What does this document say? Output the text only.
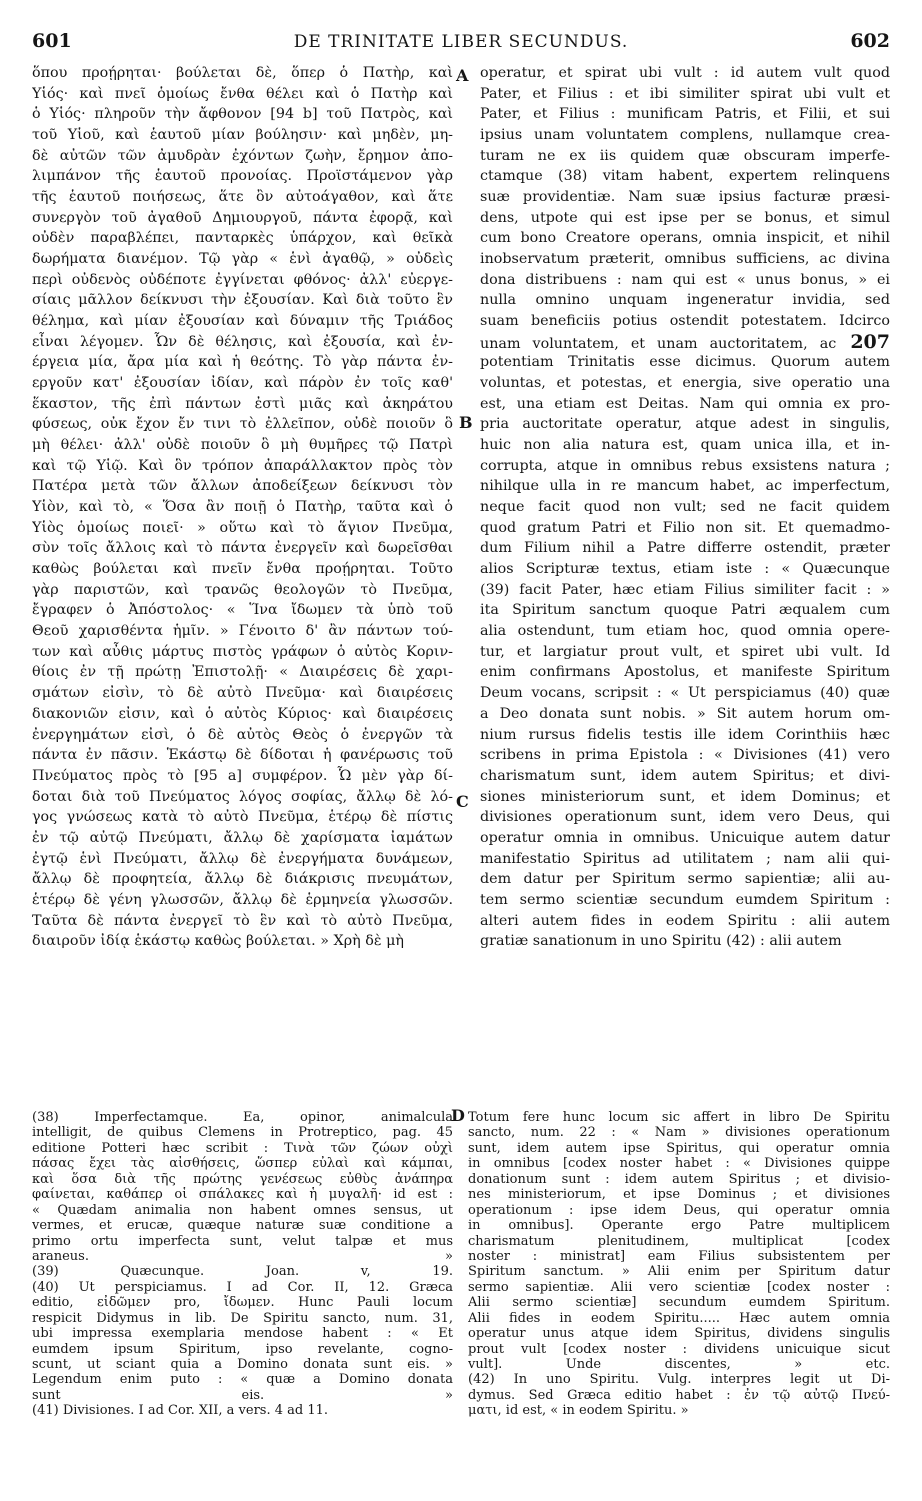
601	DE TRINITATE LIBER SECUNDUS.	602
A
B
C
D
ὅπου προῄρηται· βούλεται δὲ, ὅπερ ὁ Πατὴρ, καὶ
Υἱός· καὶ πνεῖ ὁμοίως ἔνθα θέλει καὶ ὁ Πατὴρ καὶ
ὁ Υἱός· πληροῦν τὴν ἄφθονον [94 b] τοῦ Πατρὸς, καὶ
τοῦ Υἱοῦ, καὶ ἑαυτοῦ μίαν βούλησιν· καὶ μηδὲν, μη-
δὲ αὐτῶν τῶν ἀμυδρὰν ἐχόντων ζωὴν, ἔρημον ἀπο-
λιμπάνον τῆς ἑαυτοῦ προνοίας. Προϊστάμενον γὰρ
τῆς ἑαυτοῦ ποιήσεως, ἅτε ὂν αὐτοάγαθον, καὶ ἅτε
συνεργὸν τοῦ ἀγαθοῦ Δημιουργοῦ, πάντα ἐφορᾷ, καὶ
οὐδὲν παραβλέπει, πανταρκὲς ὑπάρχον, καὶ θεῖκὰ
δωρήματα διανέμον. Τῷ γὰρ « ἑνὶ ἀγαθῷ, » οὐδεὶς
περὶ οὐδενὸς οὐδέποτε ἐγγίνεται φθόνος· ἀλλ' εὐεργε-
σίαις μᾶλλον δείκνυσι τὴν ἐξουσίαν. Καὶ διὰ τοῦτο ἓν
θέλημα, καὶ μίαν ἐξουσίαν καὶ δύναμιν τῆς Τριάδος
εἶναι λέγομεν. Ὧν δὲ θέλησις, καὶ ἐξουσία, καὶ ἐν-
έργεια μία, ἄρα μία καὶ ἡ θεότης. Τὸ γὰρ πάντα ἐν-
εργοῦν κατ' ἐξουσίαν ἰδίαν, καὶ πάρὸν ἐν τοῖς καθ'
ἕκαστον, τῆς ἐπὶ πάντων ἐστὶ μιᾶς καὶ ἀκηράτου
φύσεως, οὐκ ἔχον ἔν τινι τὸ ἐλλεῖπον, οὐδὲ ποιοῦν ὃ
μὴ θέλει· ἀλλ' οὐδὲ ποιοῦν ὃ μὴ θυμῆρες τῷ Πατρὶ
καὶ τῷ Υἱῷ. Καὶ ὃν τρόπον ἀπαράλλακτον πρὸς τὸν
Πατέρα μετὰ τῶν ἄλλων ἀποδείξεων δείκνυσι τὸν
Υἱὸν, καὶ τὸ, « Ὅσα ἂν ποιῇ ὁ Πατὴρ, ταῦτα καὶ ὁ
Υἱὸς ὁμοίως ποιεῖ· » οὕτω καὶ τὸ ἅγιον Πνεῦμα,
σὺν τοῖς ἄλλοις καὶ τὸ πάντα ἐνεργεῖν καὶ δωρεῖσθαι
καθὼς βούλεται καὶ πνεῖν ἔνθα προῄρηται. Τοῦτο
γὰρ παριστῶν, καὶ τρανῶς θεολογῶν τὸ Πνεῦμα,
ἔγραφεν ὁ Ἀπόστολος· « Ἵνα ἴδωμεν τὰ ὑπὸ τοῦ
Θεοῦ χαρισθέντα ἡμῖν. » Γένοιτο δ' ἂν πάντων τού-
των καὶ αὖθις μάρτυς πιστὸς γράφων ὁ αὐτὸς Κοριν-
θίοις ἐν τῇ πρώτῃ Ἐπιστολῇ· « Διαιρέσεις δὲ χαρι-
σμάτων εἰσὶν, τὸ δὲ αὐτὸ Πνεῦμα· καὶ διαιρέσεις
διακονιῶν εἰσιν, καὶ ὁ αὐτὸς Κύριος· καὶ διαιρέσεις
ἐνεργημάτων εἰσὶ, ὁ δὲ αὐτὸς Θεὸς ὁ ἐνεργῶν τὰ
πάντα ἐν πᾶσιν. Ἑκάστῳ δὲ δίδοται ἡ φανέρωσις τοῦ
Πνεύματος πρὸς τὸ [95 a] συμφέρον. Ὧ μὲν γὰρ δί-
δοται διὰ τοῦ Πνεύματος λόγος σοφίας, ἄλλῳ δὲ λό-
γος γνώσεως κατὰ τὸ αὐτὸ Πνεῦμα, ἑτέρῳ δὲ πίστις
ἐν τῷ αὐτῷ Πνεύματι, ἄλλῳ δὲ χαρίσματα ἰαμάτων
ἐγτῷ ἑνὶ Πνεύματι, ἄλλῳ δὲ ἐνεργήματα δυνάμεων,
ἄλλῳ δὲ προφητεία, ἄλλῳ δὲ διάκρισις πνευμάτων,
ἑτέρῳ δὲ γένη γλωσσῶν, ἄλλῳ δὲ ἑρμηνεία γλωσσῶν.
Ταῦτα δὲ πάντα ἐνεργεῖ τὸ ἓν καὶ τὸ αὐτὸ Πνεῦμα,
διαιροῦν ἰδίᾳ ἑκάστῳ καθὼς βούλεται. » Χρὴ δὲ μὴ
operatur, et spirat ubi vult : id autem vult quod
Pater, et Filius : et ibi similiter spirat ubi vult et
Pater, et Filius : munificam Patris, et Filii, et sui
ipsius unam voluntatem complens, nullamque crea-
turam ne ex iis quidem quæ obscuram imperfe-
ctamque (38) vitam habent, expertem relinquens
suæ providentiæ. Nam suæ ipsius facturæ præsi-
dens, utpote qui est ipse per se bonus, et simul
cum bono Creatore operans, omnia inspicit, et nihil
inobservatum præterit, omnibus sufficiens, ac divina
dona distribuens : nam qui est « unus bonus, » ei
nulla omnino unquam ingeneratur invidia, sed
suam beneficiis potius ostendit potestatem. Idcirco
unam voluntatem, et unam auctoritatem, ac 207
potentiam Trinitatis esse dicimus. Quorum autem
voluntas, et potestas, et energia, sive operatio una
est, una etiam est Deitas. Nam qui omnia ex pro-
pria auctoritate operatur, atque adest in singulis,
huic non alia natura est, quam unica illa, et in-
corrupta, atque in omnibus rebus exsistens natura ;
nihilque ulla in re mancum habet, ac imperfectum,
neque facit quod non vult; sed ne facit quidem
quod gratum Patri et Filio non sit. Et quemadmo-
dum Filium nihil a Patre differre ostendit, præter
alios Scripturæ textus, etiam iste : « Quæcunque
(39) facit Pater, hæc etiam Filius similiter facit : »
ita Spiritum sanctum quoque Patri æqualem cum
alia ostendunt, tum etiam hoc, quod omnia opere-
tur, et largiatur prout vult, et spiret ubi vult. Id
enim confirmans Apostolus, et manifeste Spiritum
Deum vocans, scripsit : « Ut perspiciamus (40) quæ
a Deo donata sunt nobis. » Sit autem horum om-
nium rursus fidelis testis ille idem Corinthiis hæc
scribens in prima Epistola : « Divisiones (41) vero
charismatum sunt, idem autem Spiritus; et divi-
siones ministeriorum sunt, et idem Dominus; et
divisiones operationum sunt, idem vero Deus, qui
operatur omnia in omnibus. Unicuique autem datur
manifestatio Spiritus ad utilitatem ; nam alii qui-
dem datur per Spiritum sermo sapientiæ; alii au-
tem sermo scientiæ secundum eumdem Spiritum :
alteri autem fides in eodem Spiritu : alii autem
gratiæ sanationum in uno Spiritu (42) : alii autem
(38) Imperfectamque. Ea, opinor, animalcula
intelligit, de quibus Clemens in Protreptico, pag. 45
editione Potteri hæc scribit : Τινὰ τῶν ζώων οὐχὶ
πάσας ἔχει τὰς αἰσθήσεις, ὥσπερ εὐλαὶ καὶ κάμπαι,
καὶ ὅσα διὰ τῆς πρώτης γενέσεως εὐθὺς ἀνάπηρα
φαίνεται, καθάπερ οἱ σπάλακες καὶ ἡ μυγαλῆ· id est :
« Quædam animalia non habent omnes sensus, ut
vermes, et erucæ, quæque naturæ suæ conditione a
primo ortu imperfecta sunt, velut talpæ et mus
araneus. »
(39) Quæcunque. Joan. v, 19.
(40) Ut perspiciamus. I ad Cor. II, 12. Græca
editio, εἰδῶμεν pro, ἴδωμεν. Hunc Pauli locum
respicit Didymus in lib. De Spiritu sancto, num. 31,
ubi impressa exemplaria mendose habent : « Et
eumdem ipsum Spiritum, ipso revelante, cogno-
scunt, ut sciant quia a Domino donata sunt eis. »
Legendum enim puto : « quæ a Domino donata
sunt eis. »
(41) Divisiones. I ad Cor. XII, a vers. 4 ad 11.
Totum fere hunc locum sic affert in libro De Spiritu
sancto, num. 22 : « Nam » divisiones operationum
sunt, idem autem ipse Spiritus, qui operatur omnia
in omnibus [codex noster habet : « Divisiones quippe
donationum sunt : idem autem Spiritus ; et divisio-
nes ministeriorum, et ipse Dominus ; et divisiones
operationum : ipse idem Deus, qui operatur omnia
in omnibus]. Operante ergo Patre multiplicem
charismatum plenitudinem, multiplicat [codex
noster : ministrat] eam Filius subsistentem per
Spiritum sanctum. » Alii enim per Spiritum datur
sermo sapientiæ. Alii vero scientiæ [codex noster :
Alii sermo scientiæ] secundum eumdem Spiritum.
Alii fides in eodem Spiritu..... Hæc autem omnia
operatur unus atque idem Spiritus, dividens singulis
prout vult [codex noster : dividens unicuique sicut
vult]. Unde discentes, » etc.
(42) In uno Spiritu. Vulg. interpres legit ut Di-
dymus. Sed Græca editio habet : ἐν τῷ αὐτῷ Πνεύ-
ματι, id est, « in eodem Spiritu. »
